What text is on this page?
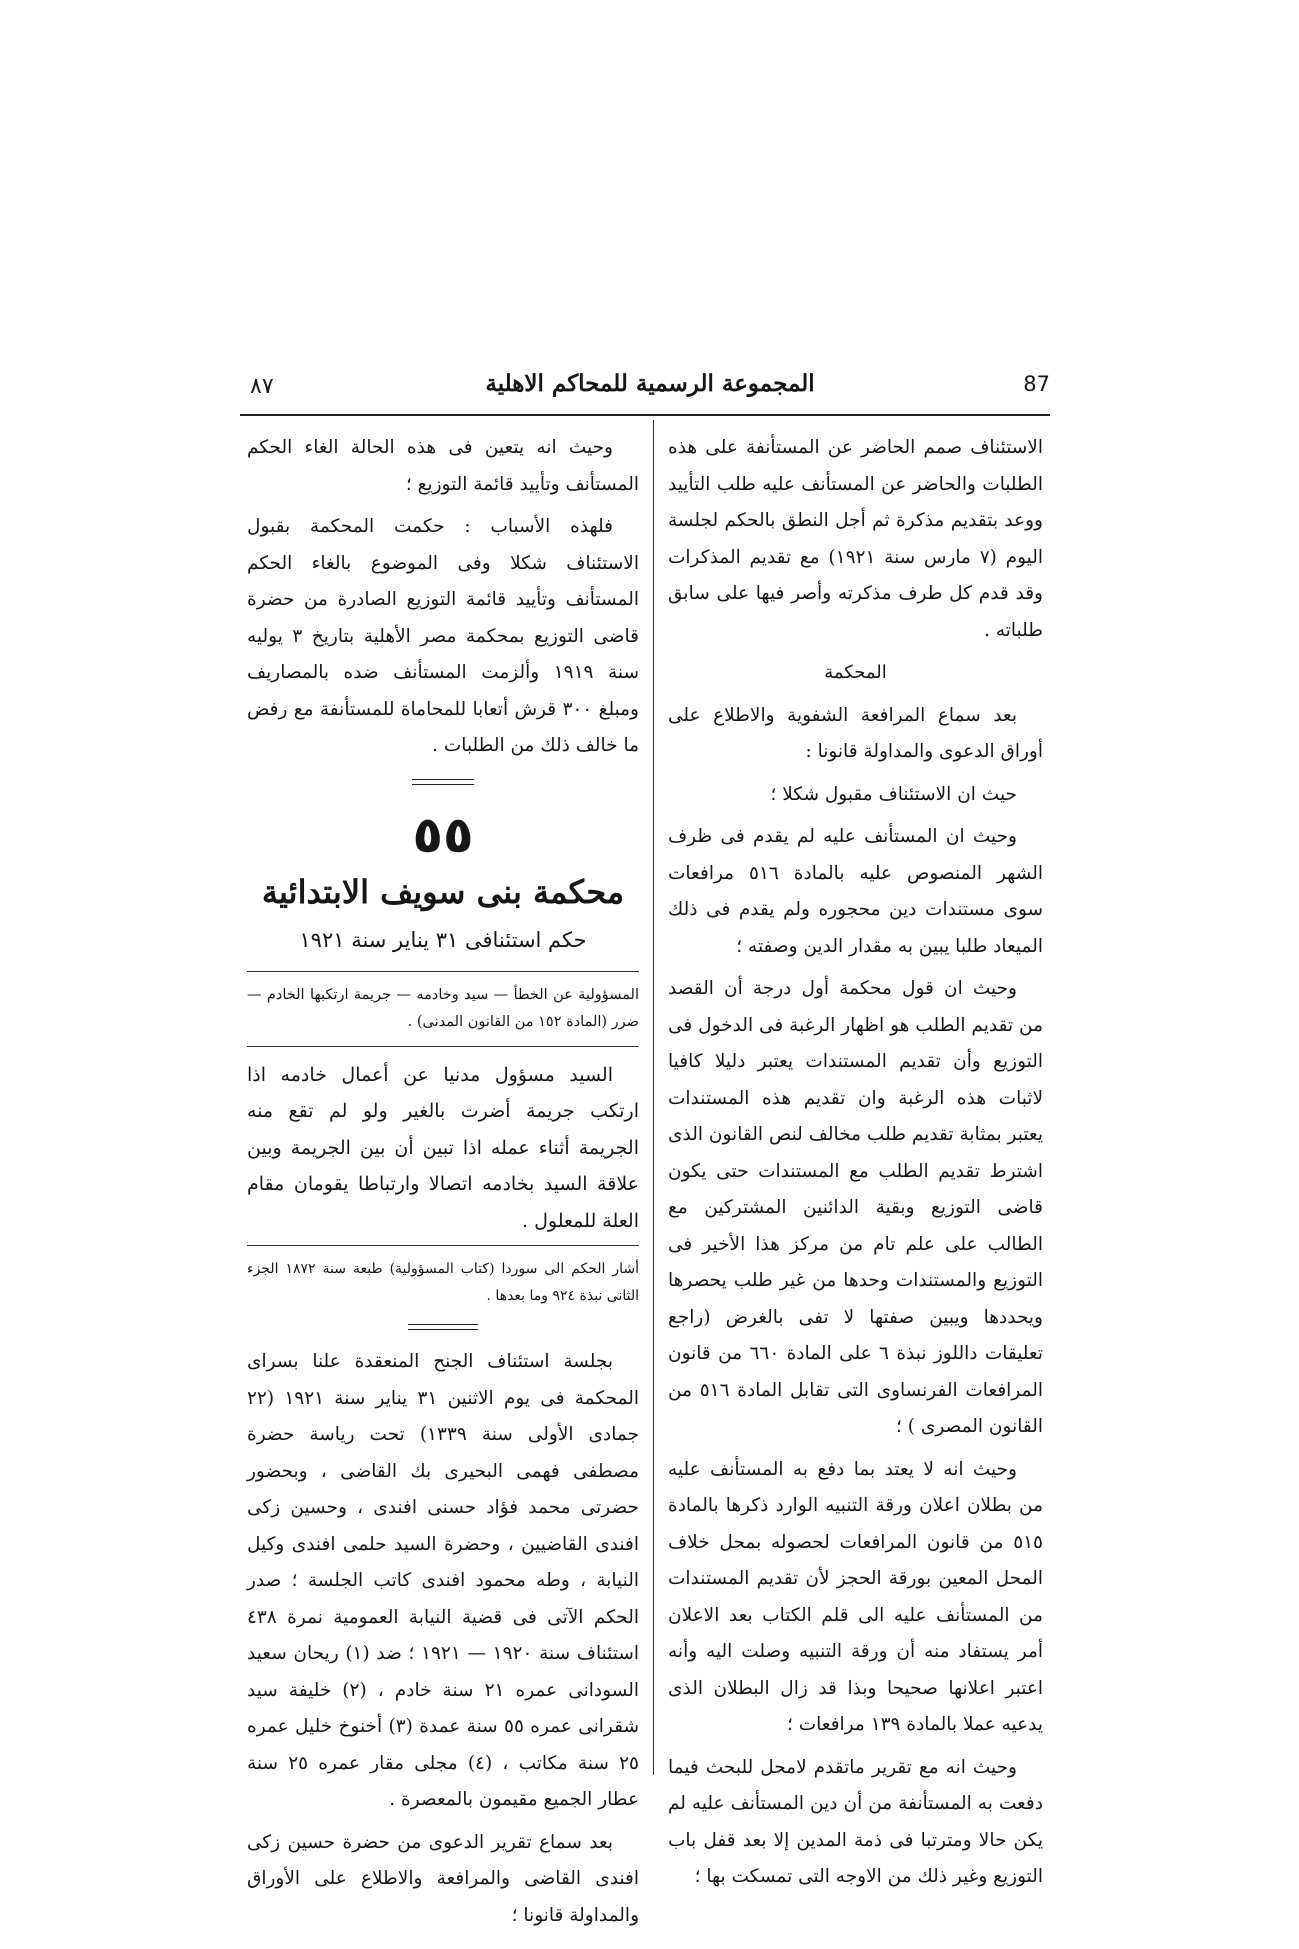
٨٧	المجموعة الرسمية للمحاكم الاهلية	87

الاستئناف صمم الحاضر عن المستأنفة على هذه الطلبات والحاضر عن المستأنف عليه طلب التأييد ووعد بتقديم مذكرة ثم أجل النطق بالحكم لجلسة اليوم (٧ مارس سنة ١٩٢١) مع تقديم المذكرات وقد قدم كل طرف مذكرته وأصر فيها على سابق طلباته .

المحكمة

بعد سماع المرافعة الشفوية والاطلاع على أوراق الدعوى والمداولة قانونا :

حيث ان الاستئناف مقبول شكلا ؛

وحيث ان المستأنف عليه لم يقدم فى ظرف الشهر المنصوص عليه بالمادة ٥١٦ مرافعات سوى مستندات دين محجوره ولم يقدم فى ذلك الميعاد طلبا يبين به مقدار الدين وصفته ؛

وحيث ان قول محكمة أول درجة أن القصد من تقديم الطلب هو اظهار الرغبة فى الدخول فى التوزيع وأن تقديم المستندات يعتبر دليلا كافيا لاثبات هذه الرغبة وان تقديم هذه المستندات يعتبر بمثابة تقديم طلب مخالف لنص القانون الذى اشترط تقديم الطلب مع المستندات حتى يكون قاضى التوزيع وبقية الدائنين المشتركين مع الطالب على علم تام من مركز هذا الأخير فى التوزيع والمستندات وحدها من غير طلب يحصرها ويحددها ويبين صفتها لا تفى بالغرض (راجع تعليقات داللوز نبذة ٦ على المادة ٦٦٠ من قانون المرافعات الفرنساوى التى تقابل المادة ٥١٦ من القانون المصرى ) ؛

وحيث انه لا يعتد بما دفع به المستأنف عليه من بطلان اعلان ورقة التنبيه الوارد ذكرها بالمادة ٥١٥ من قانون المرافعات لحصوله بمحل خلاف المحل المعين بورقة الحجز لأن تقديم المستندات من المستأنف عليه الى قلم الكتاب بعد الاعلان أمر يستفاد منه أن ورقة التنبيه وصلت اليه وأنه اعتبر اعلانها صحيحا وبذا قد زال البطلان الذى يدعيه عملا بالمادة ١٣٩ مرافعات ؛

وحيث انه مع تقرير ماتقدم لامحل للبحث فيما دفعت به المستأنفة من أن دين المستأنف عليه لم يكن حالا ومترتبا فى ذمة المدين إلا بعد قفل باب التوزيع وغير ذلك من الاوجه التى تمسكت بها ؛

وحيث انه يتعين فى هذه الحالة الغاء الحكم المستأنف وتأييد قائمة التوزيع ؛

فلهذه الأسباب : حكمت المحكمة بقبول الاستئناف شكلا وفى الموضوع بالغاء الحكم المستأنف وتأييد قائمة التوزيع الصادرة من حضرة قاضى التوزيع بمحكمة مصر الأهلية بتاريخ ٣ يوليه سنة ١٩١٩ وألزمت المستأنف ضده بالمصاريف ومبلغ ٣٠٠ قرش أتعابا للمحاماة للمستأنفة مع رفض ما خالف ذلك من الطلبات .

٥٥
محكمة بنى سويف الابتدائية
حكم استئنافى ٣١ يناير سنة ١٩٢١
المسؤولية عن الخطأ — سيد وخادمه — جريمة ارتكبها الخادم — ضرر (المادة ١٥٢ من القانون المدنى) .

السيد مسؤول مدنيا عن أعمال خادمه اذا ارتكب جريمة أضرت بالغير ولو لم تقع منه الجريمة أثناء عمله اذا تبين أن بين الجريمة وبين علاقة السيد بخادمه اتصالا وارتباطا يقومان مقام العلة للمعلول .

أشار الحكم الى سوردا (كتاب المسؤولية) طبعة سنة ١٨٧٢ الجزء الثانى نبذة ٩٢٤ وما بعدها .

بجلسة استئناف الجنح المنعقدة علنا بسراى المحكمة فى يوم الاثنين ٣١ يناير سنة ١٩٢١ (٢٢ جمادى الأولى سنة ١٣٣٩) تحت رياسة حضرة مصطفى فهمى البحيرى بك القاضى ، وبحضور حضرتى محمد فؤاد حسنى افندى ، وحسين زكى افندى القاضيين ، وحضرة السيد حلمى افندى وكيل النيابة ، وطه محمود افندى كاتب الجلسة ؛ صدر الحكم الآتى فى قضية النيابة العمومية نمرة ٤٣٨ استئناف سنة ١٩٢٠ — ١٩٢١ ؛ ضد (١) ريحان سعيد السودانى عمره ٢١ سنة خادم ، (٢) خليفة سيد شقرانى عمره ٥٥ سنة عمدة (٣) أخنوخ خليل عمره ٢٥ سنة مكاتب ، (٤) مجلى مقار عمره ٢٥ سنة عطار الجميع مقيمون بالمعصرة .

بعد سماع تقرير الدعوى من حضرة حسين زكى افندى القاضى والمرافعة والاطلاع على الأوراق والمداولة قانونا ؛
